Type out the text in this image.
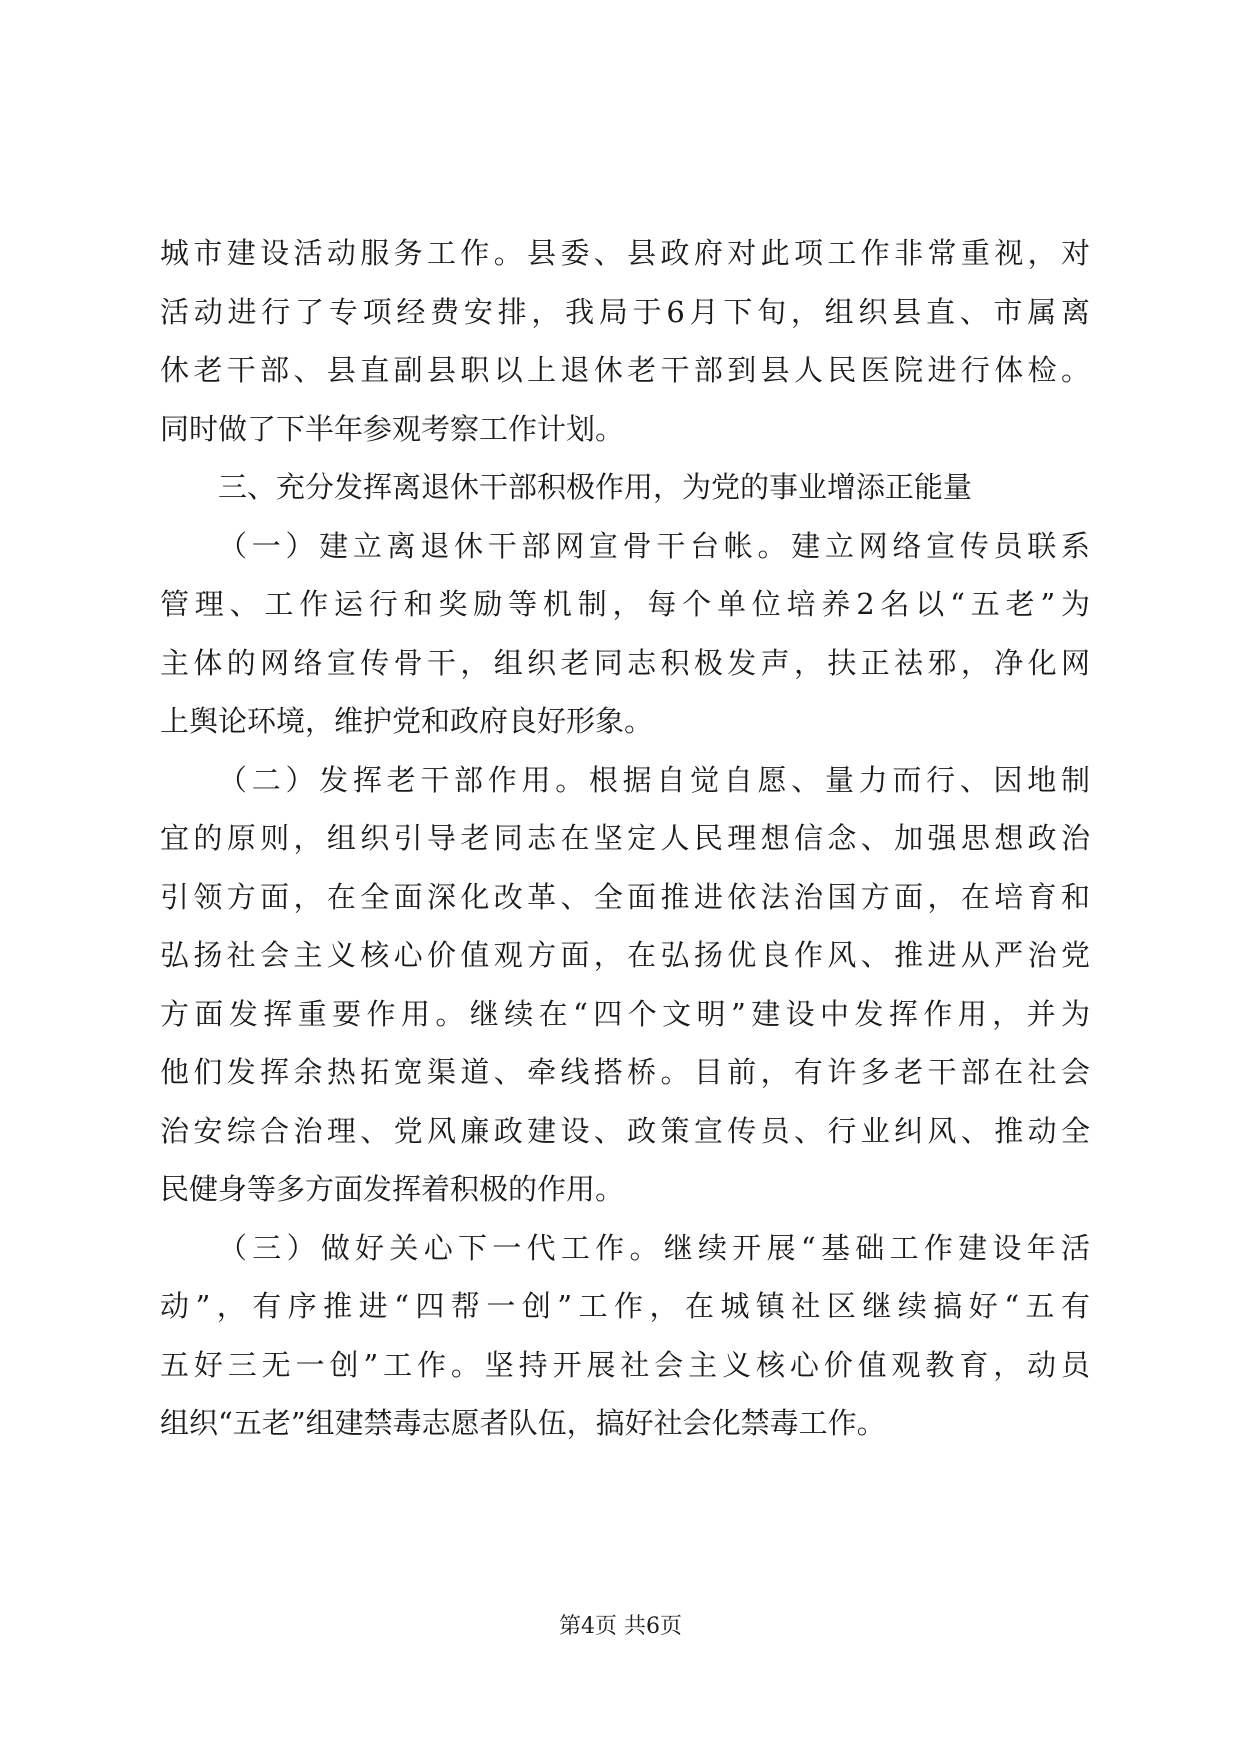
城市建设活动服务工作。县委、县政府对此项工作非常重视，对
活动进行了专项经费安排，我局于6月下旬，组织县直、市属离
休老干部、县直副县职以上退休老干部到县人民医院进行体检。
同时做了下半年参观考察工作计划。
三、充分发挥离退休干部积极作用，为党的事业增添正能量
（一）建立离退休干部网宣骨干台帐。建立网络宣传员联系
管理、工作运行和奖励等机制，每个单位培养2名以“五老”为
主体的网络宣传骨干，组织老同志积极发声，扶正祛邪，净化网
上舆论环境，维护党和政府良好形象。
（二）发挥老干部作用。根据自觉自愿、量力而行、因地制
宜的原则，组织引导老同志在坚定人民理想信念、加强思想政治
引领方面，在全面深化改革、全面推进依法治国方面，在培育和
弘扬社会主义核心价值观方面，在弘扬优良作风、推进从严治党
方面发挥重要作用。继续在“四个文明”建设中发挥作用，并为
他们发挥余热拓宽渠道、牵线搭桥。目前，有许多老干部在社会
治安综合治理、党风廉政建设、政策宣传员、行业纠风、推动全
民健身等多方面发挥着积极的作用。
（三）做好关心下一代工作。继续开展“基础工作建设年活
动”，有序推进“四帮一创”工作，在城镇社区继续搞好“五有
五好三无一创”工作。坚持开展社会主义核心价值观教育，动员
组织“五老”组建禁毒志愿者队伍，搞好社会化禁毒工作。
第4页 共6页
